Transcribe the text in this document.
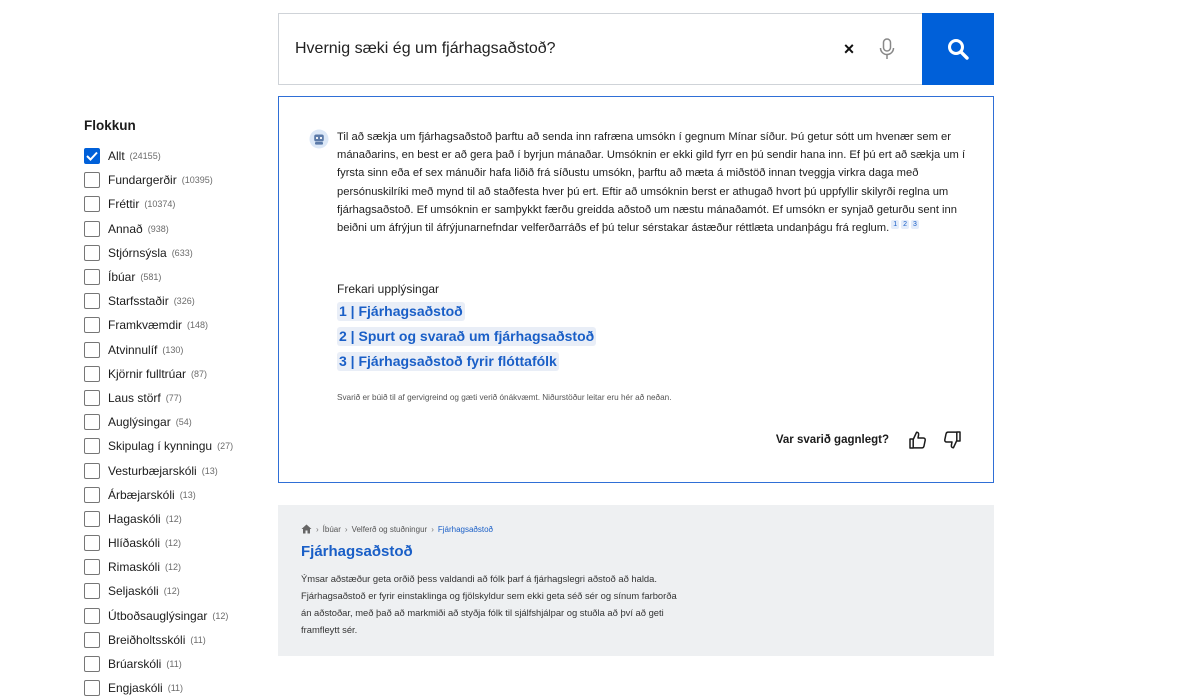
Hvernig sæki ég um fjárhagsaðstoð?
×
Flokkun
Allt (24155)
Fundargerðir (10395)
Fréttir (10374)
Annað (938)
Stjórnsýsla (633)
Íbúar (581)
Starfsstaðir (326)
Framkvæmdir (148)
Atvinnulíf (130)
Kjörnir fulltrúar (87)
Laus störf (77)
Auglýsingar (54)
Skipulag í kynningu (27)
Vesturbæjarskóli (13)
Árbæjarskóli (13)
Hagaskóli (12)
Hlíðaskóli (12)
Rimaskóli (12)
Seljaskóli (12)
Útboðsauglýsingar (12)
Breiðholtsskóli (11)
Brúarskóli (11)
Engjaskóli (11)
Til að sækja um fjárhagsaðstoð þarftu að senda inn rafræna umsókn í gegnum Mínar síður. Þú getur sótt um hvenær sem er mánaðarins, en best er að gera það í byrjun mánaðar. Umsóknin er ekki gild fyrr en þú sendir hana inn. Ef þú ert að sækja um í fyrsta sinn eða ef sex mánuðir hafa liðið frá síðustu umsókn, þarftu að mæta á miðstöð innan tveggja virkra daga með persónuskilríki með mynd til að staðfesta hver þú ert. Eftir að umsóknin berst er athugað hvort þú uppfyllir skilyrði reglna um fjárhagsaðstoð. Ef umsóknin er samþykkt færðu greidda aðstoð um næstu mánaðamót. Ef umsókn er synjað geturðu sent inn beiðni um áfrýjun til áfrýjunarnefndar velferðarráðs ef þú telur sérstakar ástæður réttlæta undanþágu frá reglum. 1 2 3
Frekari upplýsingar
1 | Fjárhagsaðstoð
2 | Spurt og svarað um fjárhagsaðstoð
3 | Fjárhagsaðstoð fyrir flóttafólk
Svarið er búið til af gervigreind og gæti verið ónákvæmt. Niðurstöður leitar eru hér að neðan.
Var svarið gagnlegt?
› Íbúar › Velferð og stuðningur › Fjárhagsaðstoð
Fjárhagsaðstoð
Ýmsar aðstæður geta orðið þess valdandi að fólk þarf á fjárhagslegri aðstoð að halda. Fjárhagsaðstoð er fyrir einstaklinga og fjölskyldur sem ekki geta séð sér og sínum farborða án aðstoðar, með það að markmiði að styðja fólk til sjálfshjálpar og stuðla að því að geti framfleytt sér.
